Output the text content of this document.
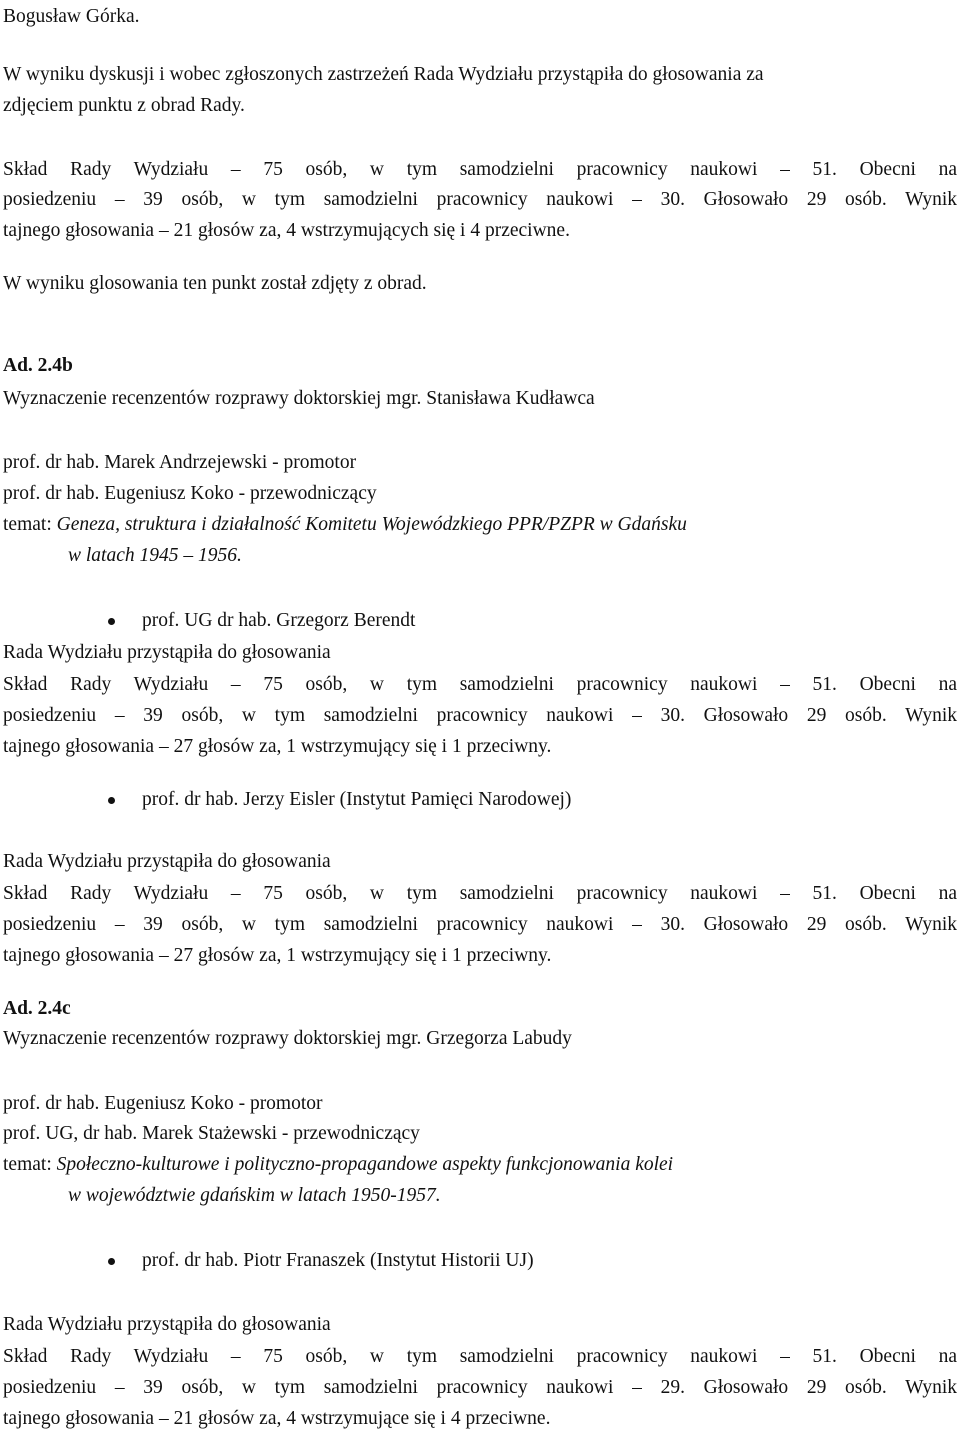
Bogusław Górka.
W wyniku dyskusji i wobec zgłoszonych zastrzeżeń Rada Wydziału przystąpiła do głosowania za
zdjęciem punktu z obrad Rady.
Skład Rady Wydziału – 75 osób, w tym samodzielni pracownicy naukowi – 51. Obecni na
posiedzeniu – 39 osób, w tym samodzielni pracownicy naukowi – 30. Głosowało 29 osób. Wynik
tajnego głosowania – 21 głosów za, 4 wstrzymujących się i 4 przeciwne.
W wyniku glosowania ten punkt został zdjęty z obrad.
Ad. 2.4b
Wyznaczenie recenzentów rozprawy doktorskiej mgr. Stanisława Kudławca
prof. dr hab. Marek Andrzejewski - promotor
prof. dr hab. Eugeniusz Koko - przewodniczący
temat: Geneza, struktura i działalność Komitetu Wojewódzkiego PPR/PZPR w Gdańsku
w latach 1945 – 1956.
prof. UG dr hab. Grzegorz Berendt
Rada Wydziału przystąpiła do głosowania
Skład Rady Wydziału – 75 osób, w tym samodzielni pracownicy naukowi – 51. Obecni na
posiedzeniu – 39 osób, w tym samodzielni pracownicy naukowi – 30. Głosowało 29 osób. Wynik
tajnego głosowania – 27 głosów za, 1 wstrzymujący się i 1 przeciwny.
prof. dr hab. Jerzy Eisler (Instytut Pamięci Narodowej)
Rada Wydziału przystąpiła do głosowania
Skład Rady Wydziału – 75 osób, w tym samodzielni pracownicy naukowi – 51. Obecni na
posiedzeniu – 39 osób, w tym samodzielni pracownicy naukowi – 30. Głosowało 29 osób. Wynik
tajnego głosowania – 27 głosów za, 1 wstrzymujący się i 1 przeciwny.
Ad. 2.4c
Wyznaczenie recenzentów rozprawy doktorskiej mgr. Grzegorza Labudy
prof. dr hab. Eugeniusz Koko - promotor
prof. UG, dr hab. Marek Stażewski - przewodniczący
temat: Społeczno-kulturowe i polityczno-propagandowe aspekty funkcjonowania kolei
w województwie gdańskim w latach 1950-1957.
prof. dr hab. Piotr Franaszek (Instytut Historii UJ)
Rada Wydziału przystąpiła do głosowania
Skład Rady Wydziału – 75 osób, w tym samodzielni pracownicy naukowi – 51. Obecni na
posiedzeniu – 39 osób, w tym samodzielni pracownicy naukowi – 29. Głosowało 29 osób. Wynik
tajnego głosowania – 21 głosów za, 4 wstrzymujące się i 4 przeciwne.
